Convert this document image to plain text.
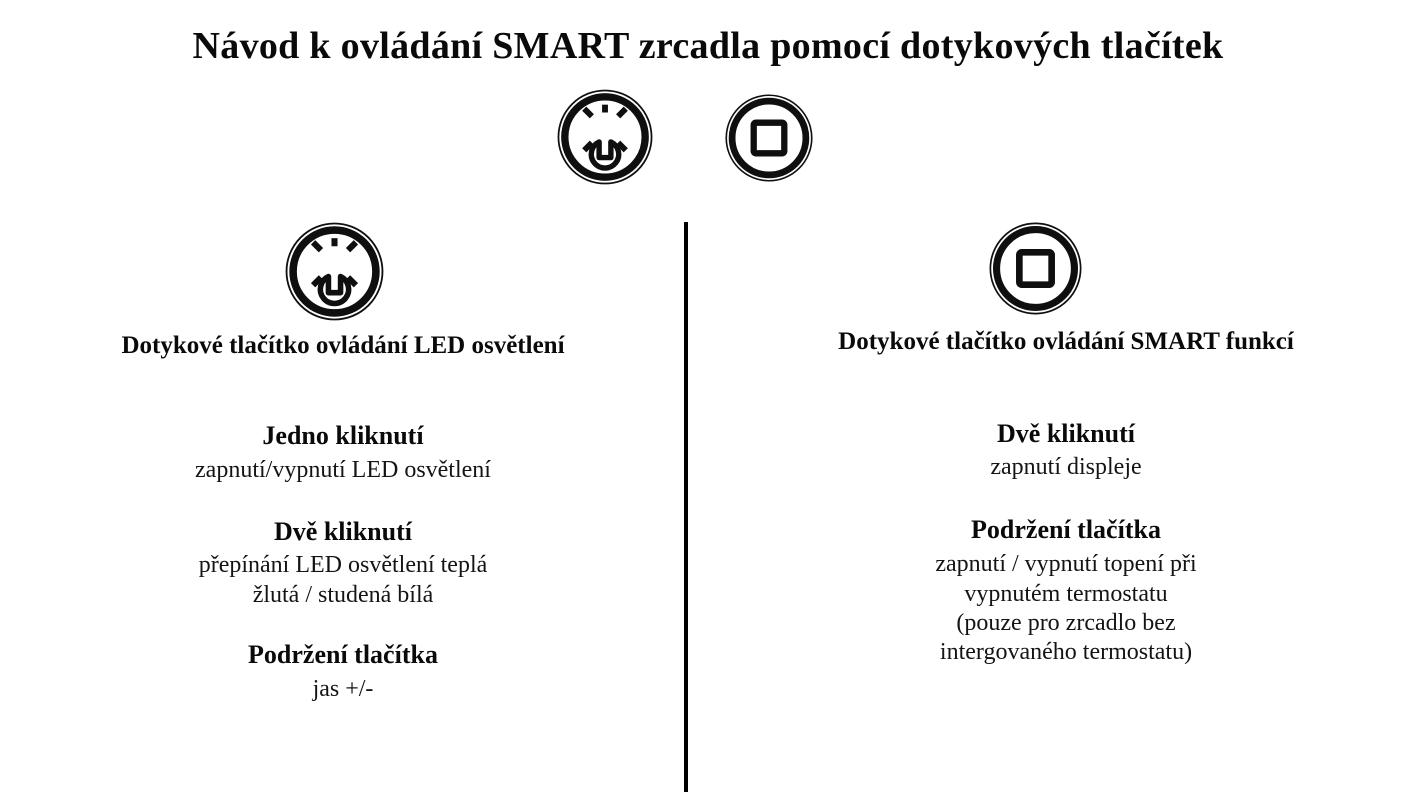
Návod k ovládání SMART zrcadla pomocí dotykových tlačítek
Dotykové tlačítko ovládání LED osvětlení
Jedno kliknutí
zapnutí/vypnutí LED osvětlení
Dvě kliknutí
přepínání LED osvětlení teplá
žlutá / studená bílá
Podržení tlačítka
jas +/-
Dotykové tlačítko ovládání SMART funkcí
Dvě kliknutí
zapnutí displeje
Podržení tlačítka
zapnutí / vypnutí topení při
vypnutém termostatu
(pouze pro zrcadlo bez
intergovaného termostatu)
